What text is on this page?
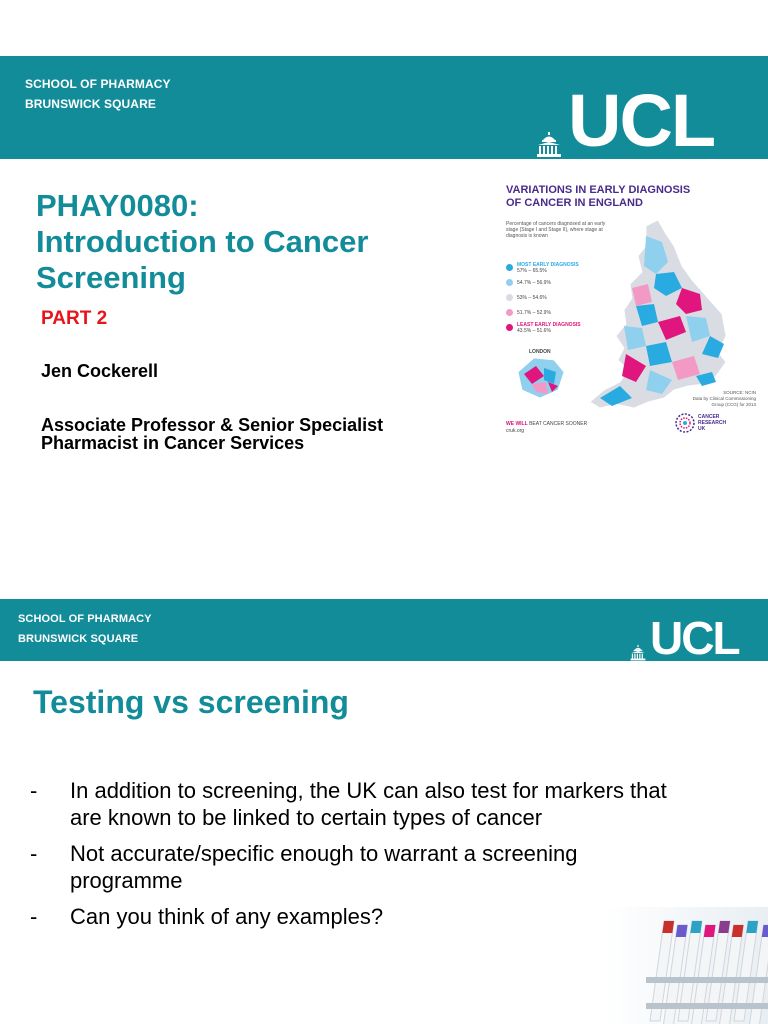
SCHOOL OF PHARMACY
BRUNSWICK SQUARE	UCL
PHAY0080:
Introduction to Cancer
Screening
PART 2
Jen Cockerell
Associate Professor & Senior Specialist
Pharmacist in Cancer Services
VARIATIONS IN EARLY DIAGNOSIS
OF CANCER IN ENGLAND
Percentage of cancers diagnosed at an early stage (Stage I and Stage II), where stage at diagnosis is known
MOST EARLY DIAGNOSIS
57% – 65.5%
54.7% – 56.9%
53% – 54.6%
51.7% – 52.9%
LEAST EARLY DIAGNOSIS
43.5% – 51.6%
LONDON
SOURCE: NCIN
Data by Clinical Commissioning
Group (CCG) for 2013
WE WILL BEAT CANCER SOONER
cruk.org
CANCER
RESEARCH
UK
SCHOOL OF PHARMACY
BRUNSWICK SQUARE	UCL
Testing vs screening
-	In addition to screening, the UK can also test for markers that are known to be linked to certain types of cancer
-	Not accurate/specific enough to warrant a screening programme
-	Can you think of any examples?
